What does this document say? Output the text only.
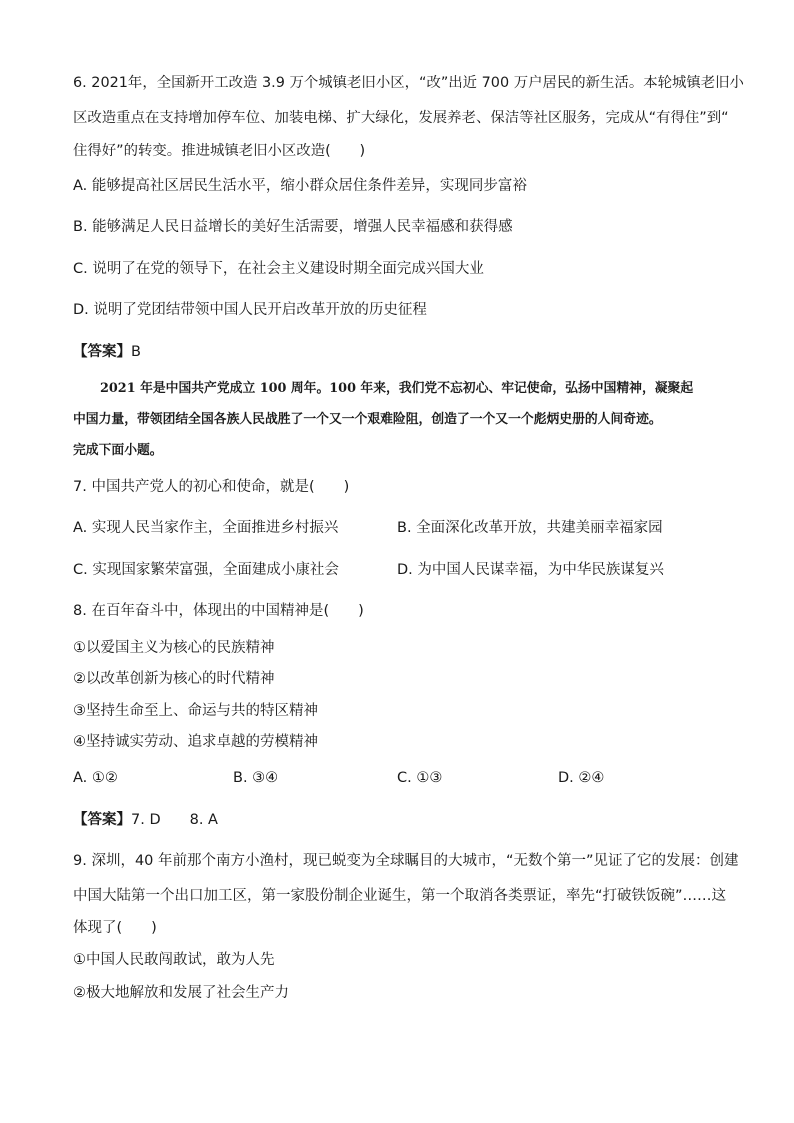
6. 2021年，全国新开工改造 3.9 万个城镇老旧小区，“改”出近 700 万户居民的新生活。本轮城镇老旧小
区改造重点在支持增加停车位、加装电梯、扩大绿化，发展养老、保洁等社区服务，完成从“有得住”到“
住得好”的转变。推进城镇老旧小区改造(　　)
A. 能够提高社区居民生活水平，缩小群众居住条件差异，实现同步富裕
B. 能够满足人民日益增长的美好生活需要，增强人民幸福感和获得感
C. 说明了在党的领导下，在社会主义建设时期全面完成兴国大业
D. 说明了党团结带领中国人民开启改革开放的历史征程
【答案】B
2021 年是中国共产党成立 100 周年。100 年来，我们党不忘初心、牢记使命，弘扬中国精神，凝聚起
中国力量，带领团结全国各族人民战胜了一个又一个艰难险阻，创造了一个又一个彪炳史册的人间奇迹。
完成下面小题。
7. 中国共产党人的初心和使命，就是(　　)
A. 实现人民当家作主，全面推进乡村振兴	B. 全面深化改革开放，共建美丽幸福家园
C. 实现国家繁荣富强，全面建成小康社会	D. 为中国人民谋幸福，为中华民族谋复兴
8. 在百年奋斗中，体现出的中国精神是(　　)
①以爱国主义为核心的民族精神
②以改革创新为核心的时代精神
③坚持生命至上、命运与共的特区精神
④坚持诚实劳动、追求卓越的劳模精神
A. ①②	B. ③④	C. ①③	D. ②④
【答案】7. D　　8. A
9. 深圳，40 年前那个南方小渔村，现已蜕变为全球瞩目的大城市，“无数个第一”见证了它的发展：创建
中国大陆第一个出口加工区，第一家股份制企业诞生，第一个取消各类票证，率先“打破铁饭碗”……这
体现了(　　)
①中国人民敢闯敢试，敢为人先
②极大地解放和发展了社会生产力
